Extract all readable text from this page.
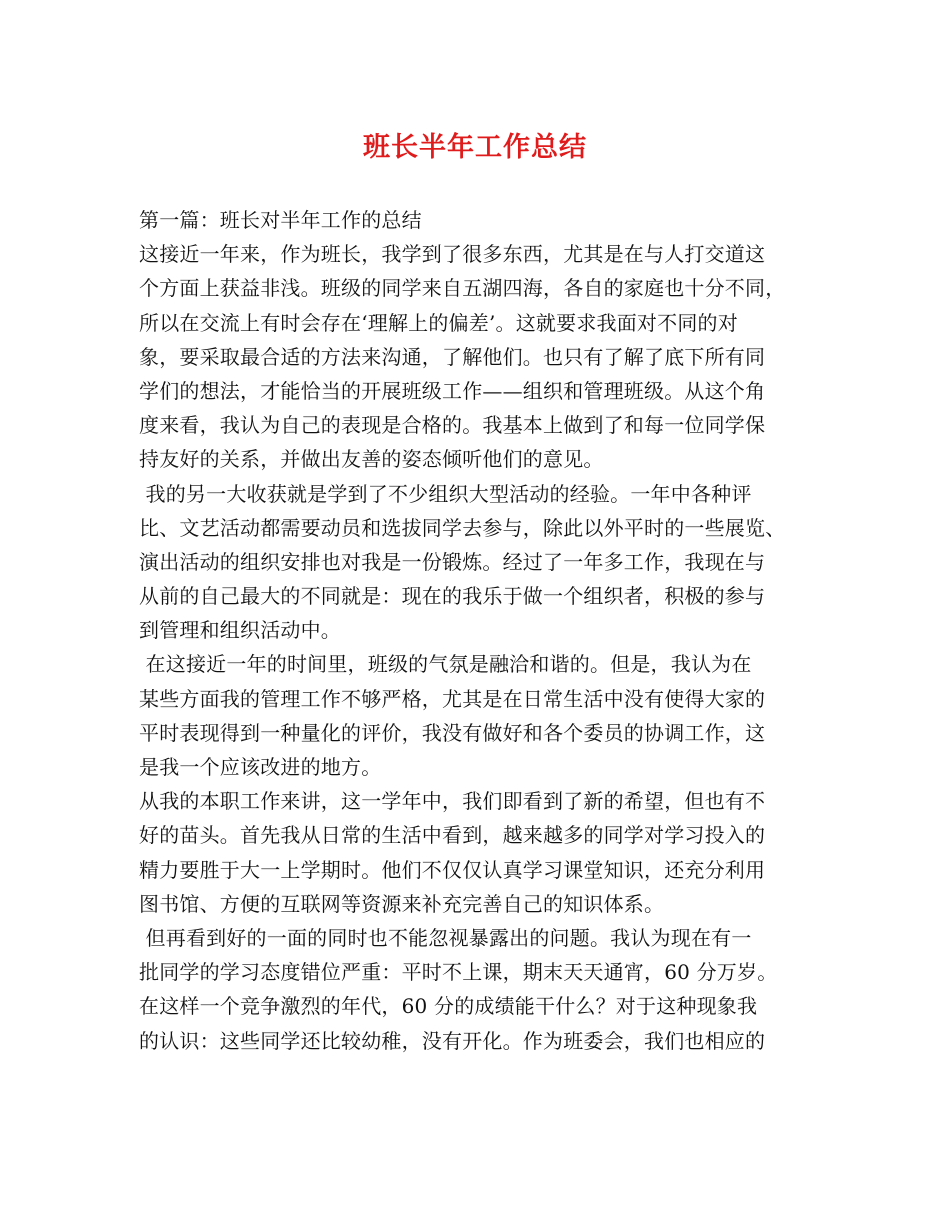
班长半年工作总结
第一篇：班长对半年工作的总结
这接近一年来，作为班长，我学到了很多东西，尤其是在与人打交道这
个方面上获益非浅。班级的同学来自五湖四海，各自的家庭也十分不同，
所以在交流上有时会存在‘理解上的偏差’。这就要求我面对不同的对
象，要采取最合适的方法来沟通，了解他们。也只有了解了底下所有同
学们的想法，才能恰当的开展班级工作——组织和管理班级。从这个角
度来看，我认为自己的表现是合格的。我基本上做到了和每一位同学保
持友好的关系，并做出友善的姿态倾听他们的意见。
我的另一大收获就是学到了不少组织大型活动的经验。一年中各种评
比、文艺活动都需要动员和选拔同学去参与，除此以外平时的一些展览、
演出活动的组织安排也对我是一份锻炼。经过了一年多工作，我现在与
从前的自己最大的不同就是：现在的我乐于做一个组织者，积极的参与
到管理和组织活动中。
在这接近一年的时间里，班级的气氛是融洽和谐的。但是，我认为在
某些方面我的管理工作不够严格，尤其是在日常生活中没有使得大家的
平时表现得到一种量化的评价，我没有做好和各个委员的协调工作，这
是我一个应该改进的地方。
从我的本职工作来讲，这一学年中，我们即看到了新的希望，但也有不
好的苗头。首先我从日常的生活中看到，越来越多的同学对学习投入的
精力要胜于大一上学期时。他们不仅仅认真学习课堂知识，还充分利用
图书馆、方便的互联网等资源来补充完善自己的知识体系。
但再看到好的一面的同时也不能忽视暴露出的问题。我认为现在有一
批同学的学习态度错位严重：平时不上课，期末天天通宵，60 分万岁。
在这样一个竞争激烈的年代，60 分的成绩能干什么？对于这种现象我
的认识：这些同学还比较幼稚，没有开化。作为班委会，我们也相应的
